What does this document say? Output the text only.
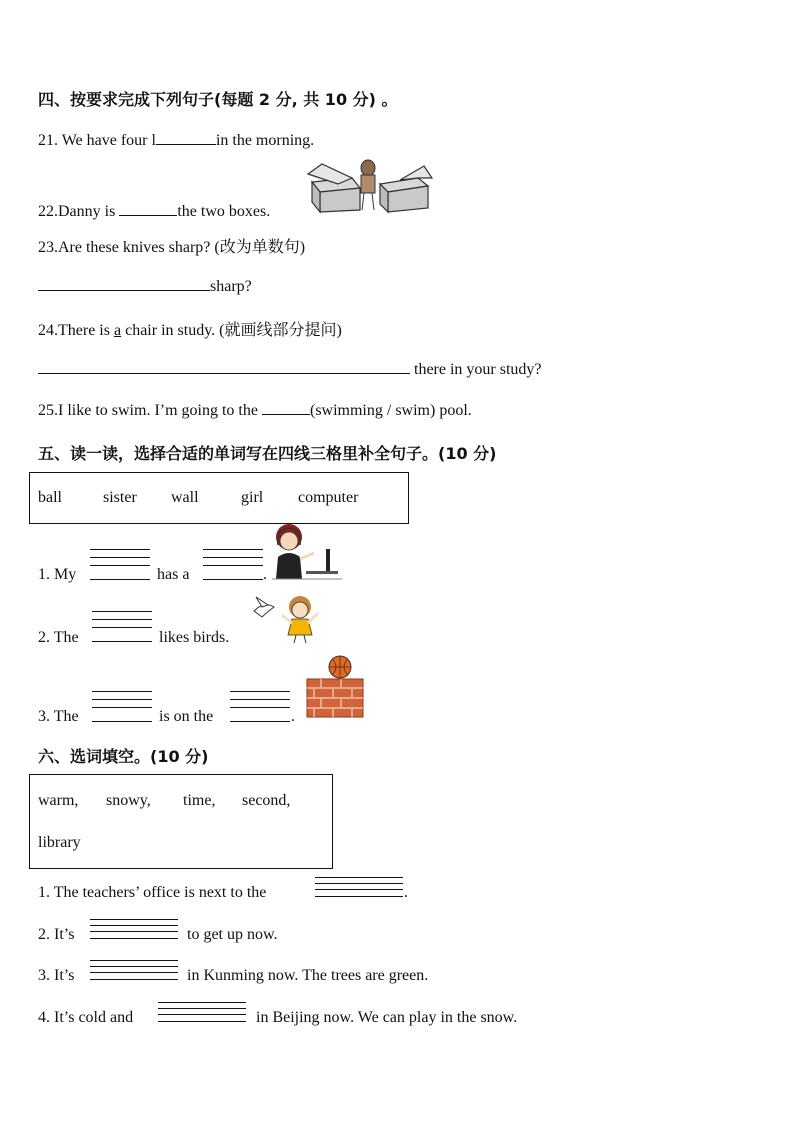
四、按要求完成下列句子(每题 2 分, 共 10 分) 。
21. We have four l	in the morning.
22.Danny is	the two boxes.
23.Are these knives sharp? (改为单数句)
sharp?
24.There is a chair in study. (就画线部分提问)
there in your study?
25.I like to swim. I’m going to the	(swimming / swim) pool.
五、读一读，选择合适的单词写在四线三格里补全句子。(10 分)
ball	sister wall	girl computer
1. My	has a	.
2. The	likes birds.
3. The	is on the	.
六、选词填空。(10 分)
warm, snowy, time, second,
library
1. The teachers’ office is next to the	.
2. It’s	to get up now.
3. It’s	in Kunming now. The trees are green.
4. It’s cold and	in Beijing now. We can play in the snow.
